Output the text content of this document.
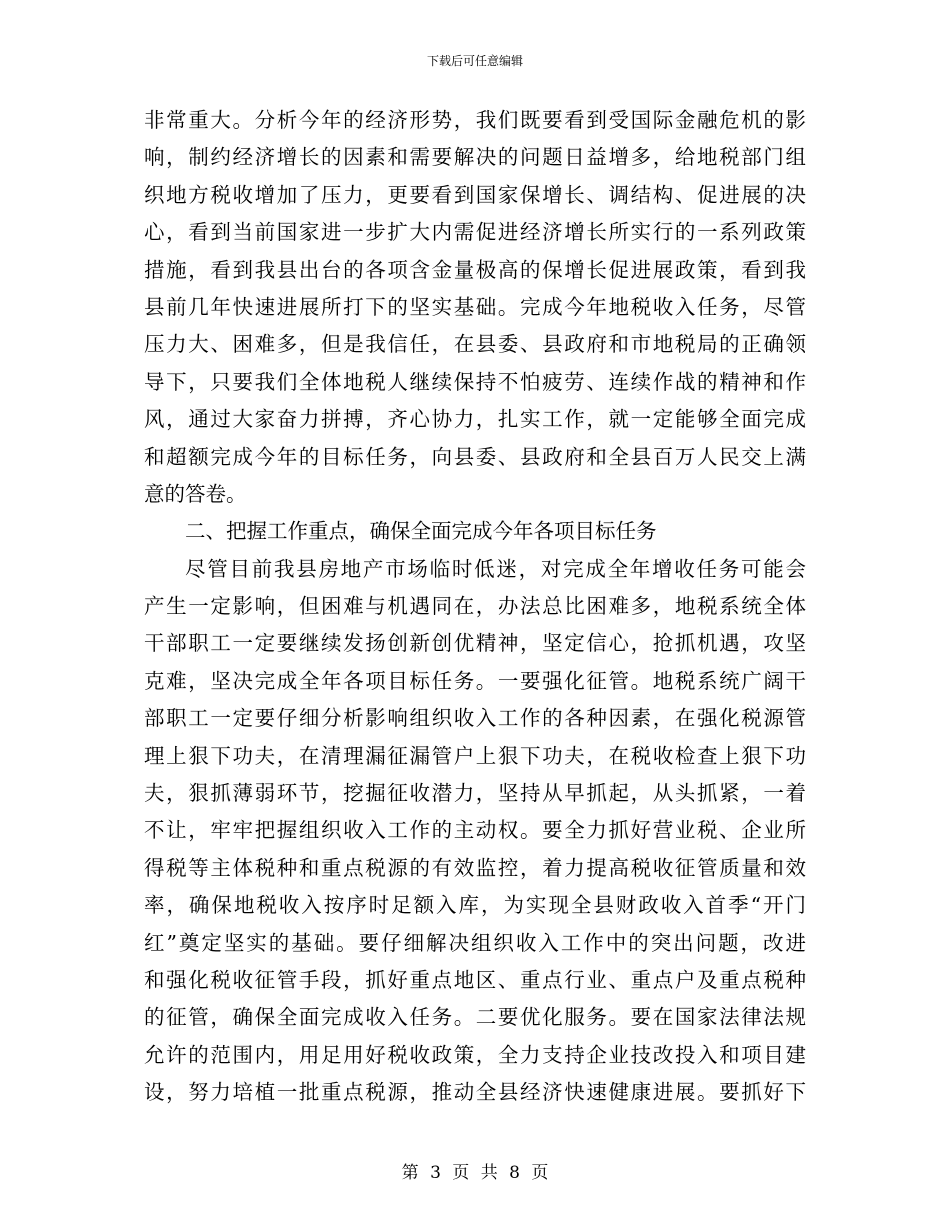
下载后可任意编辑
非常重大。分析今年的经济形势，我们既要看到受国际金融危机的影
响，制约经济增长的因素和需要解决的问题日益增多，给地税部门组
织地方税收增加了压力，更要看到国家保增长、调结构、促进展的决
心，看到当前国家进一步扩大内需促进经济增长所实行的一系列政策
措施，看到我县出台的各项含金量极高的保增长促进展政策，看到我
县前几年快速进展所打下的坚实基础。完成今年地税收入任务，尽管
压力大、困难多，但是我信任，在县委、县政府和市地税局的正确领
导下，只要我们全体地税人继续保持不怕疲劳、连续作战的精神和作
风，通过大家奋力拼搏，齐心协力，扎实工作，就一定能够全面完成
和超额完成今年的目标任务，向县委、县政府和全县百万人民交上满
意的答卷。
二、把握工作重点，确保全面完成今年各项目标任务
尽管目前我县房地产市场临时低迷，对完成全年增收任务可能会
产生一定影响，但困难与机遇同在，办法总比困难多，地税系统全体
干部职工一定要继续发扬创新创优精神，坚定信心，抢抓机遇，攻坚
克难，坚决完成全年各项目标任务。一要强化征管。地税系统广阔干
部职工一定要仔细分析影响组织收入工作的各种因素，在强化税源管
理上狠下功夫，在清理漏征漏管户上狠下功夫，在税收检查上狠下功
夫，狠抓薄弱环节，挖掘征收潜力，坚持从早抓起，从头抓紧，一着
不让，牢牢把握组织收入工作的主动权。要全力抓好营业税、企业所
得税等主体税种和重点税源的有效监控，着力提高税收征管质量和效
率，确保地税收入按序时足额入库，为实现全县财政收入首季“开门
红”奠定坚实的基础。要仔细解决组织收入工作中的突出问题，改进
和强化税收征管手段，抓好重点地区、重点行业、重点户及重点税种
的征管，确保全面完成收入任务。二要优化服务。要在国家法律法规
允许的范围内，用足用好税收政策，全力支持企业技改投入和项目建
设，努力培植一批重点税源，推动全县经济快速健康进展。要抓好下
第 3 页 共 8 页
